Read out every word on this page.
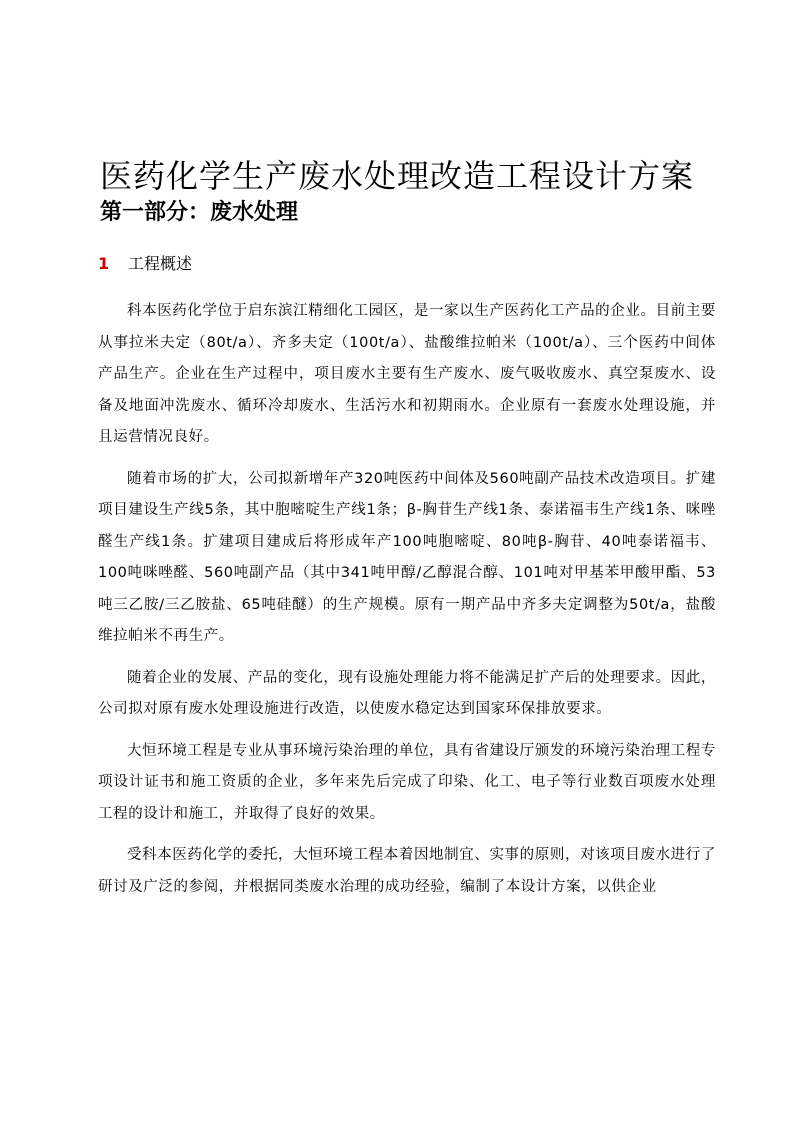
医药化学生产废水处理改造工程设计方案
第一部分：废水处理
1 工程概述

科本医药化学位于启东滨江精细化工园区，是一家以生产医药化工产品的企业。目前主要从事拉米夫定（80t/a）、齐多夫定（100t/a）、盐酸维拉帕米（100t/a）、三个医药中间体产品生产。企业在生产过程中，项目废水主要有生产废水、废气吸收废水、真空泵废水、设备及地面冲洗废水、循环冷却废水、生活污水和初期雨水。企业原有一套废水处理设施，并且运营情况良好。

随着市场的扩大，公司拟新增年产320吨医药中间体及560吨副产品技术改造项目。扩建项目建设生产线5条，其中胞嘧啶生产线1条；β-胸苷生产线1条、泰诺福韦生产线1条、咪唑醛生产线1条。扩建项目建成后将形成年产100吨胞嘧啶、80吨β-胸苷、40吨泰诺福韦、100吨咪唑醛、560吨副产品（其中341吨甲醇/乙醇混合醇、101吨对甲基苯甲酸甲酯、53吨三乙胺/三乙胺盐、65吨硅醚）的生产规模。原有一期产品中齐多夫定调整为50t/a，盐酸维拉帕米不再生产。

随着企业的发展、产品的变化，现有设施处理能力将不能满足扩产后的处理要求。因此，公司拟对原有废水处理设施进行改造，以使废水稳定达到国家环保排放要求。

大恒环境工程是专业从事环境污染治理的单位，具有省建设厅颁发的环境污染治理工程专项设计证书和施工资质的企业，多年来先后完成了印染、化工、电子等行业数百项废水处理工程的设计和施工，并取得了良好的效果。

受科本医药化学的委托，大恒环境工程本着因地制宜、实事的原则，对该项目废水进行了研讨及广泛的参阅，并根据同类废水治理的成功经验，编制了本设计方案，以供企业
